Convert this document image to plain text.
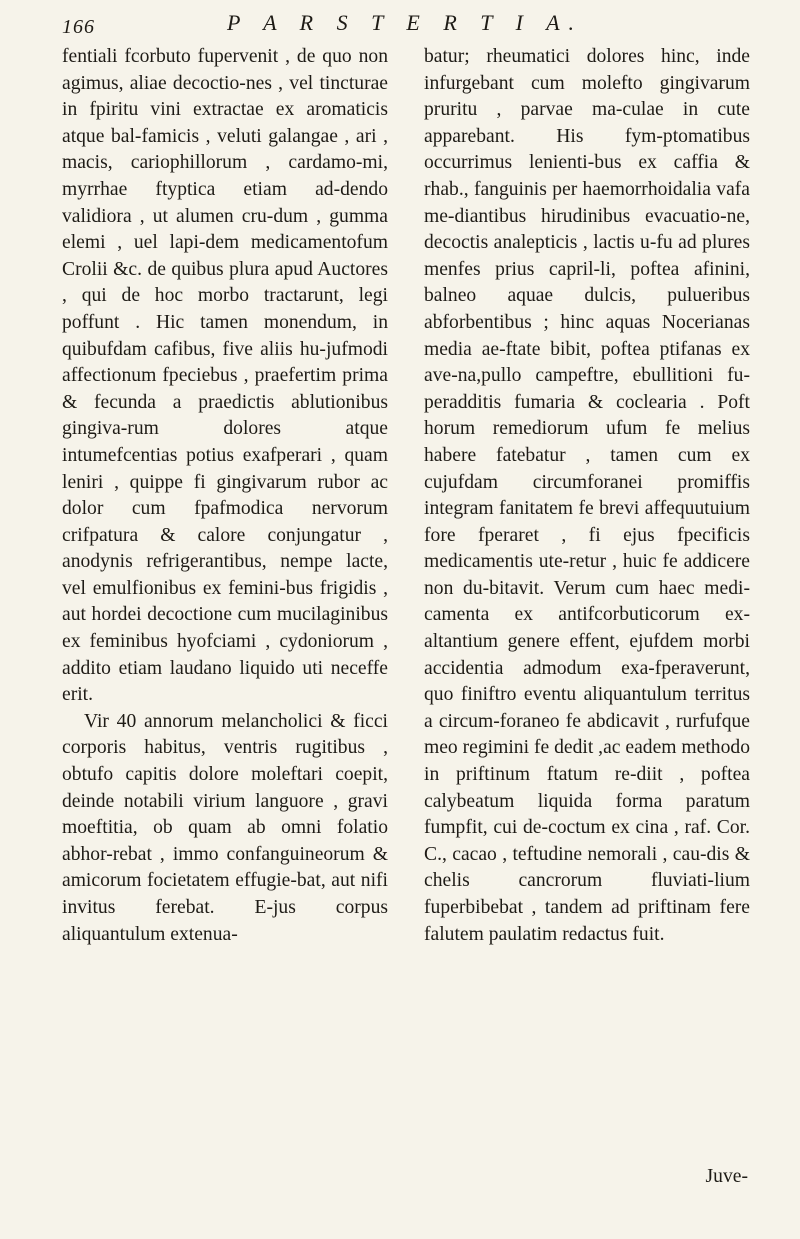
166	P A R S T E R T I A.

fentiali fcorbuto fupervenit , de quo non agimus, aliae decoctio-nes , vel tincturae in fpiritu vini extractae ex aromaticis atque bal-famicis , veluti galangae , ari , macis, cariophillorum , cardamo-mi, myrrhae ftyptica etiam ad-dendo validiora , ut alumen cru-dum , gumma elemi , uel lapi-dem medicamentofum Crolii &c. de quibus plura apud Auctores , qui de hoc morbo tractarunt, legi poffunt . Hic tamen monendum, in quibufdam cafibus, five aliis hu-jufmodi affectionum fpeciebus , praefertim prima & fecunda a praedictis ablutionibus gingiva-rum dolores atque intumefcentias potius exafperari , quam leniri , quippe fi gingivarum rubor ac dolor cum fpafmodica nervorum crifpatura & calore conjungatur , anodynis refrigerantibus, nempe lacte, vel emulfionibus ex femini-bus frigidis , aut hordei decoctione cum mucilaginibus ex feminibus hyofciami , cydoniorum , addito etiam laudano liquido uti neceffe erit.

Vir 40 annorum melancholici & ficci corporis habitus, ventris rugitibus , obtufo capitis dolore moleftari coepit, deinde notabili virium languore , gravi moeftitia, ob quam ab omni folatio abhor-rebat , immo confanguineorum & amicorum focietatem effugie-bat, aut nifi invitus ferebat. E-jus corpus aliquantulum extenua-

batur; rheumatici dolores hinc, inde infurgebant cum molefto gingivarum pruritu , parvae ma-culae in cute apparebant. His fym-ptomatibus occurrimus lenienti-bus ex caffia & rhab., fanguinis per haemorrhoidalia vafa me-diantibus hirudinibus evacuatio-ne, decoctis analepticis , lactis u-fu ad plures menfes prius capril-li, poftea afinini, balneo aquae dulcis, pulueribus abforbentibus ; hinc aquas Nocerianas media ae-ftate bibit, poftea ptifanas ex ave-na,pullo campeftre, ebullitioni fu-peradditis fumaria & coclearia . Poft horum remediorum ufum fe melius habere fatebatur , tamen cum ex cujufdam circumforanei promiffis integram fanitatem fe brevi affequutuium fore fperaret , fi ejus fpecificis medicamentis ute-retur , huic fe addicere non du-bitavit. Verum cum haec medi-camenta ex antifcorbuticorum ex-altantium genere effent, ejufdem morbi accidentia admodum exa-fperaverunt, quo finiftro eventu aliquantulum territus a circum-foraneo fe abdicavit , rurfufque meo regimini fe dedit ,ac eadem methodo in priftinum ftatum re-diit , poftea calybeatum liquida forma paratum fumpfit, cui de-coctum ex cina , raf. Cor. C., cacao , teftudine nemorali , cau-dis & chelis cancrorum fluviati-lium fuperbibebat , tandem ad priftinam fere falutem paulatim redactus fuit.

Juve-
